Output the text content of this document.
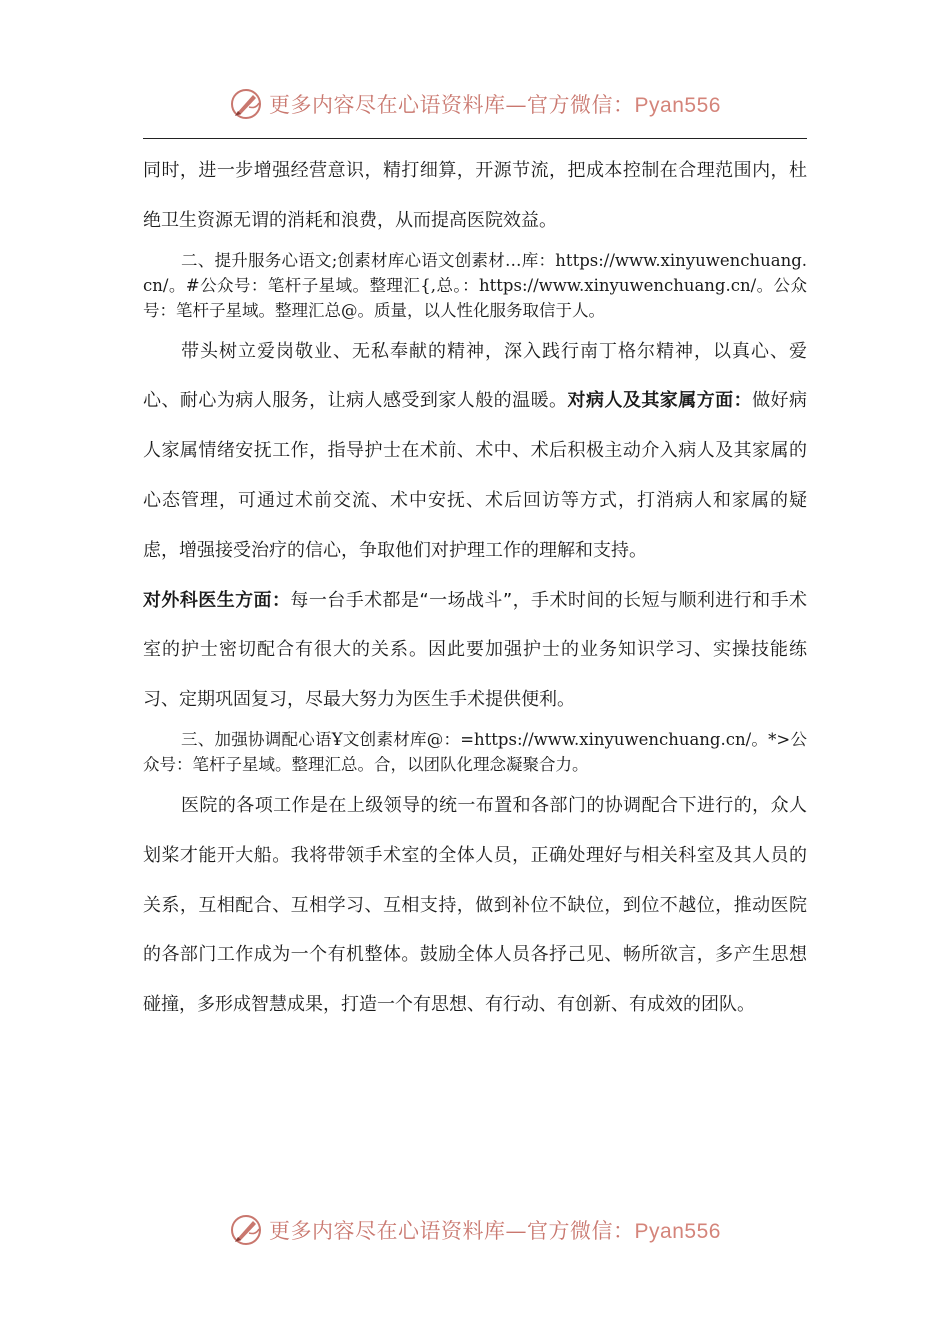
更多内容尽在心语资料库—官方微信：Pyan556

同时，进一步增强经营意识，精打细算，开源节流，把成本控制在合理范围内，杜绝卫生资源无谓的消耗和浪费，从而提高医院效益。

二、提升服务心语文;创素材库心语文创素材…库：https://www.xinyuwenchuang.cn/。#公众号：笔杆子星域。整理汇{,总。：https://www.xinyuwenchuang.cn/。公众号：笔杆子星域。整理汇总@。质量，以人性化服务取信于人。

带头树立爱岗敬业、无私奉献的精神，深入践行南丁格尔精神，以真心、爱心、耐心为病人服务，让病人感受到家人般的温暖。对病人及其家属方面：做好病人家属情绪安抚工作，指导护士在术前、术中、术后积极主动介入病人及其家属的心态管理，可通过术前交流、术中安抚、术后回访等方式，打消病人和家属的疑虑，增强接受治疗的信心，争取他们对护理工作的理解和支持。

对外科医生方面：每一台手术都是“一场战斗”，手术时间的长短与顺利进行和手术室的护士密切配合有很大的关系。因此要加强护士的业务知识学习、实操技能练习、定期巩固复习，尽最大努力为医生手术提供便利。

三、加强协调配心语Ұ文创素材库@：=https://www.xinyuwenchuang.cn/。*>公众号：笔杆子星域。整理汇总。合，以团队化理念凝聚合力。

医院的各项工作是在上级领导的统一布置和各部门的协调配合下进行的，众人划桨才能开大船。我将带领手术室的全体人员，正确处理好与相关科室及其人员的关系，互相配合、互相学习、互相支持，做到补位不缺位，到位不越位，推动医院的各部门工作成为一个有机整体。鼓励全体人员各抒己见、畅所欲言，多产生思想碰撞，多形成智慧成果，打造一个有思想、有行动、有创新、有成效的团队。

更多内容尽在心语资料库—官方微信：Pyan556
